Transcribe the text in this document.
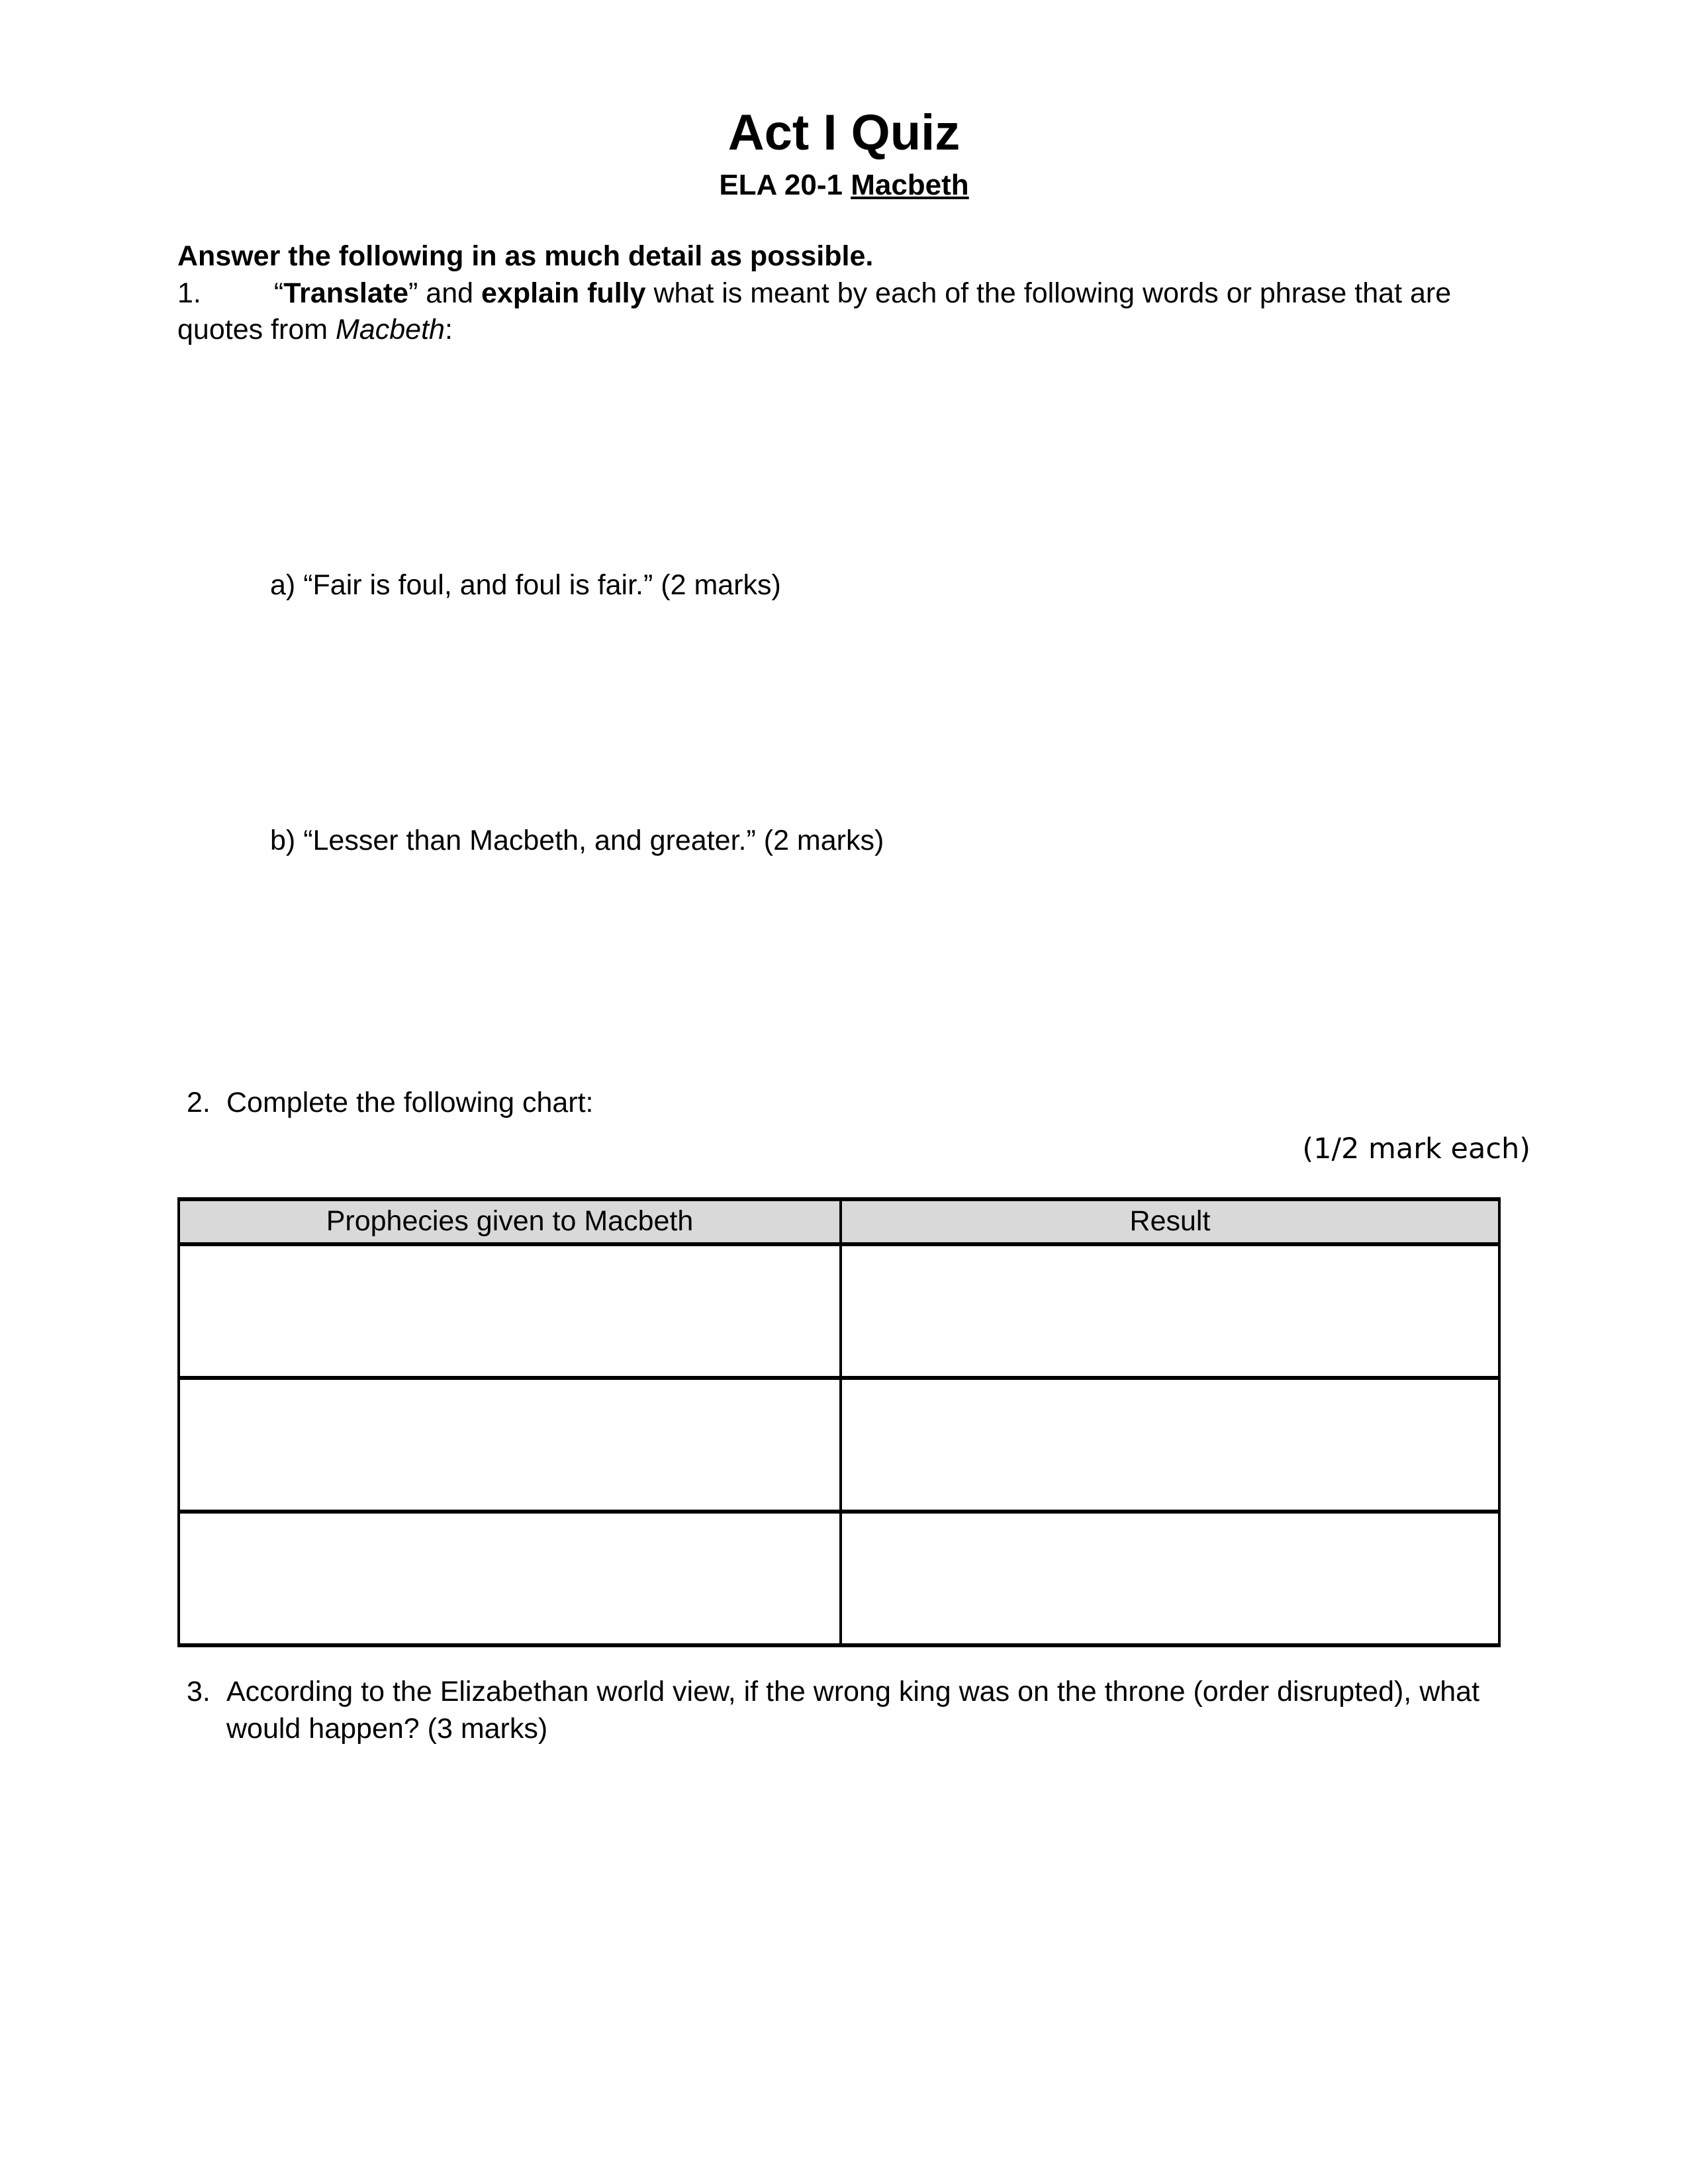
Act I Quiz
ELA 20-1 Macbeth

Answer the following in as much detail as possible.

1.	“Translate” and explain fully what is meant by each of the following words or phrase that are quotes from Macbeth:

a) “Fair is foul, and foul is fair.” (2 marks)

b) “Lesser than Macbeth, and greater.” (2 marks)

2. Complete the following chart:
(1/2 mark each)
Prophecies given to Macbeth	Result

3. According to the Elizabethan world view, if the wrong king was on the throne (order disrupted), what would happen? (3 marks)
